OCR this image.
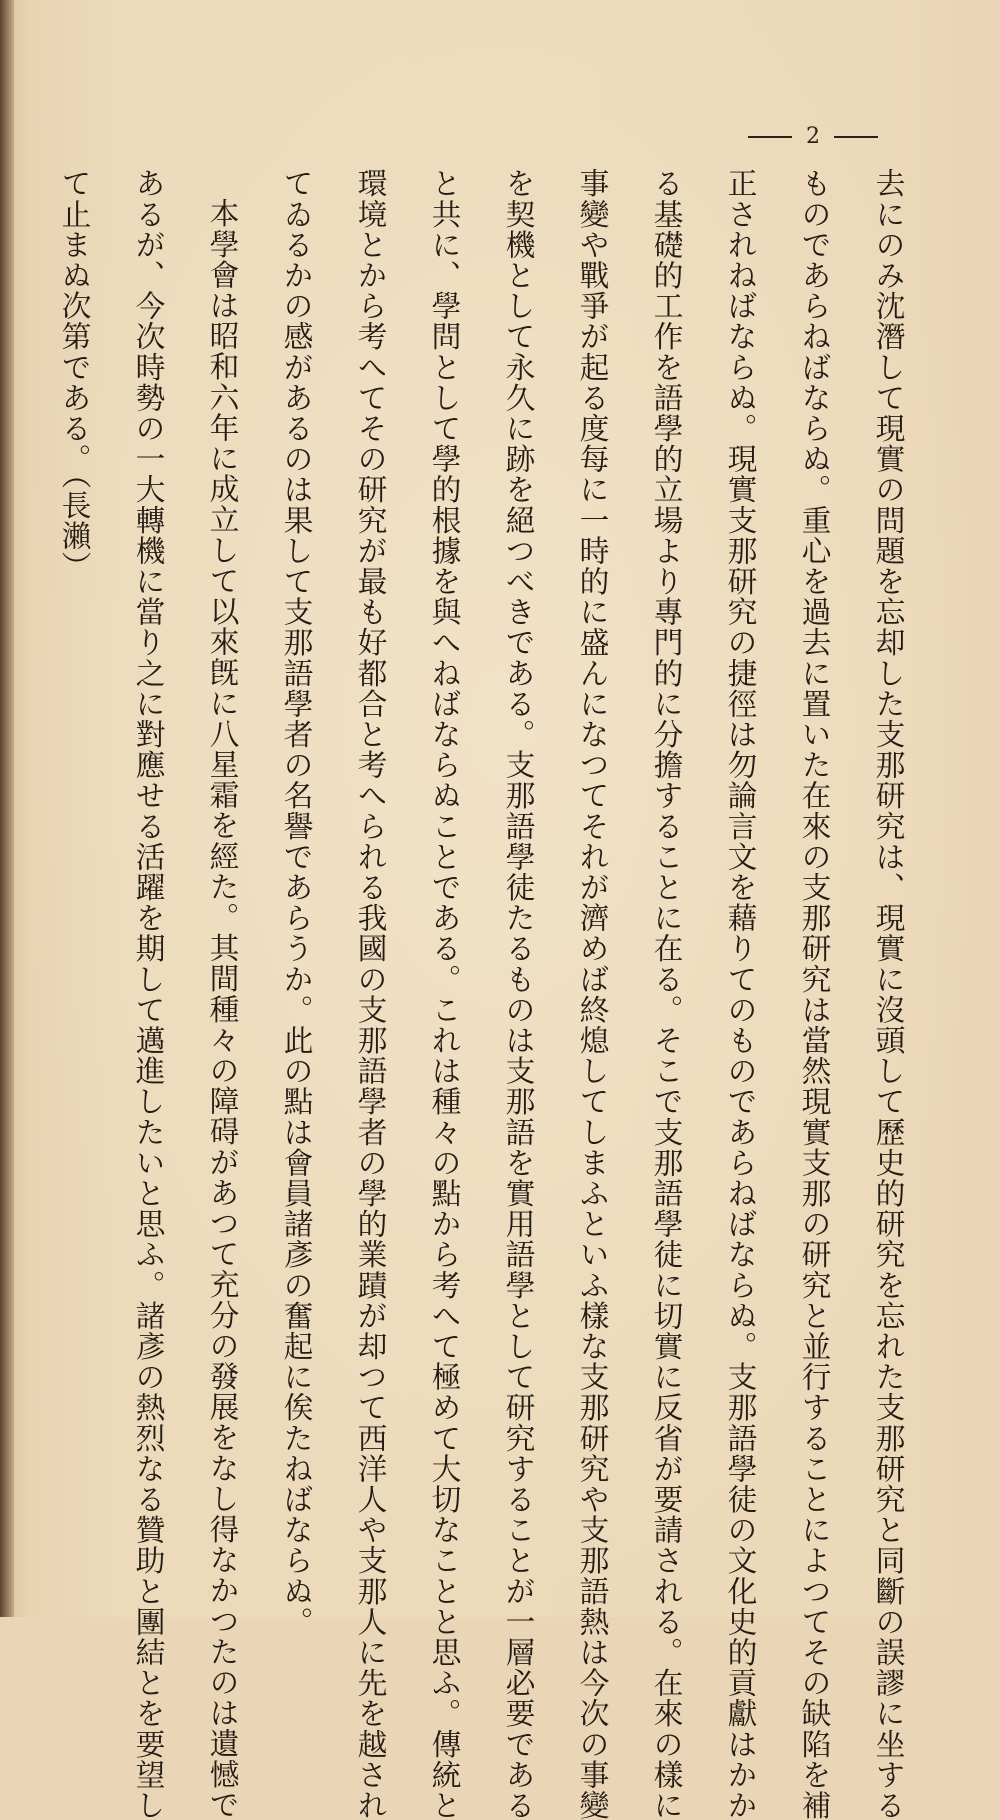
2
去にのみ沈潛して現實の問題を忘却した支那研究は、現實に沒頭して歷史的研究を忘れた支那研究と同斷の誤謬に坐する
ものであらねばならぬ。重心を過去に置いた在來の支那研究は當然現實支那の研究と並行することによつてその缺陷を補
正されねばならぬ。現實支那研究の捷徑は勿論言文を藉りてのものであらねばならぬ。支那語學徒の文化史的貢獻はかか
る基礎的工作を語學的立場より專門的に分擔することに在る。そこで支那語學徒に切實に反省が要請される。在來の樣に
事變や戰爭が起る度每に一時的に盛んになつてそれが濟めば終熄してしまふといふ樣な支那研究や支那語熱は今次の事變
を契機として永久に跡を絕つべきである。支那語學徒たるものは支那語を實用語學として研究することが一層必要である
と共に、學問として學的根據を與へねばならぬことである。これは種々の點から考へて極めて大切なことと思ふ。傳統と
環境とから考へてその研究が最も好都合と考へられる我國の支那語學者の學的業蹟が却つて西洋人や支那人に先を越され
てゐるかの感があるのは果して支那語學者の名譽であらうか。此の點は會員諸彥の奮起に俟たねばならぬ。
本學會は昭和六年に成立して以來旣に八星霜を經た。其間種々の障碍があつて充分の發展をなし得なかつたのは遺憾で
あるが、今次時勢の一大轉機に當り之に對應せる活躍を期して邁進したいと思ふ。諸彥の熱烈なる贊助と團結とを要望し
て止まぬ次第である。（長瀨）
